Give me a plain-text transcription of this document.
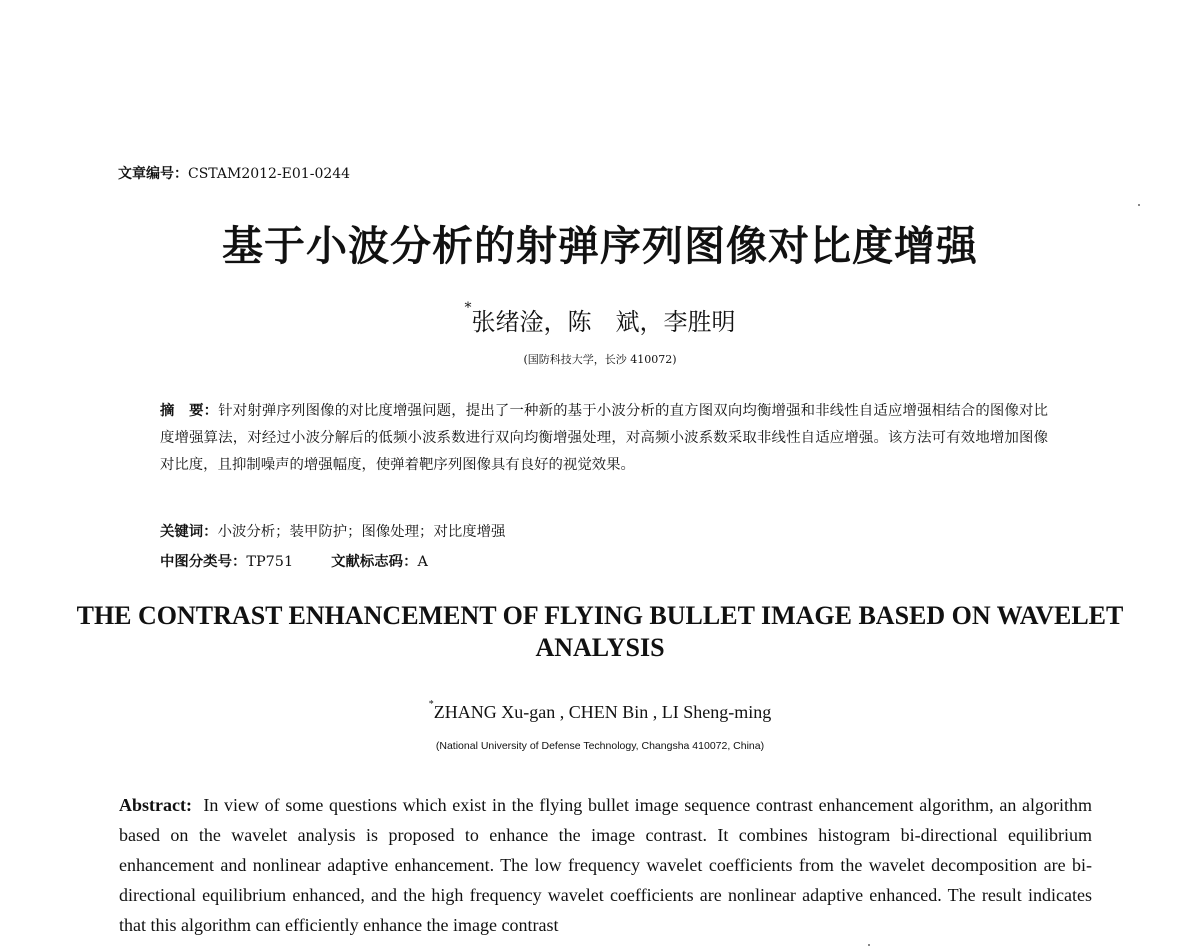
文章编号：CSTAM2012-E01-0244
基于小波分析的射弹序列图像对比度增强
*张绪淦，陈　斌，李胜明
(国防科技大学，长沙 410072)
摘　要：针对射弹序列图像的对比度增强问题，提出了一种新的基于小波分析的直方图双向均衡增强和非线性自适应增强相结合的图像对比度增强算法，对经过小波分解后的低频小波系数进行双向均衡增强处理，对高频小波系数采取非线性自适应增强。该方法可有效地增加图像对比度，且抑制噪声的增强幅度，使弹着靶序列图像具有良好的视觉效果。
关键词：小波分析；装甲防护；图像处理；对比度增强
中图分类号：TP751	文献标志码：A
THE CONTRAST ENHANCEMENT OF FLYING BULLET IMAGE BASED ON WAVELET ANALYSIS
*ZHANG Xu-gan , CHEN Bin , LI Sheng-ming
(National University of Defense Technology, Changsha 410072, China)
Abstract: In view of some questions which exist in the flying bullet image sequence contrast enhancement algorithm, an algorithm based on the wavelet analysis is proposed to enhance the image contrast. It combines histogram bi-directional equilibrium enhancement and nonlinear adaptive enhancement. The low frequency wavelet coefficients from the wavelet decomposition are bi-directional equilibrium enhanced, and the high frequency wavelet coefficients are nonlinear adaptive enhanced. The result indicates that this algorithm can efficiently enhance the image contrast
